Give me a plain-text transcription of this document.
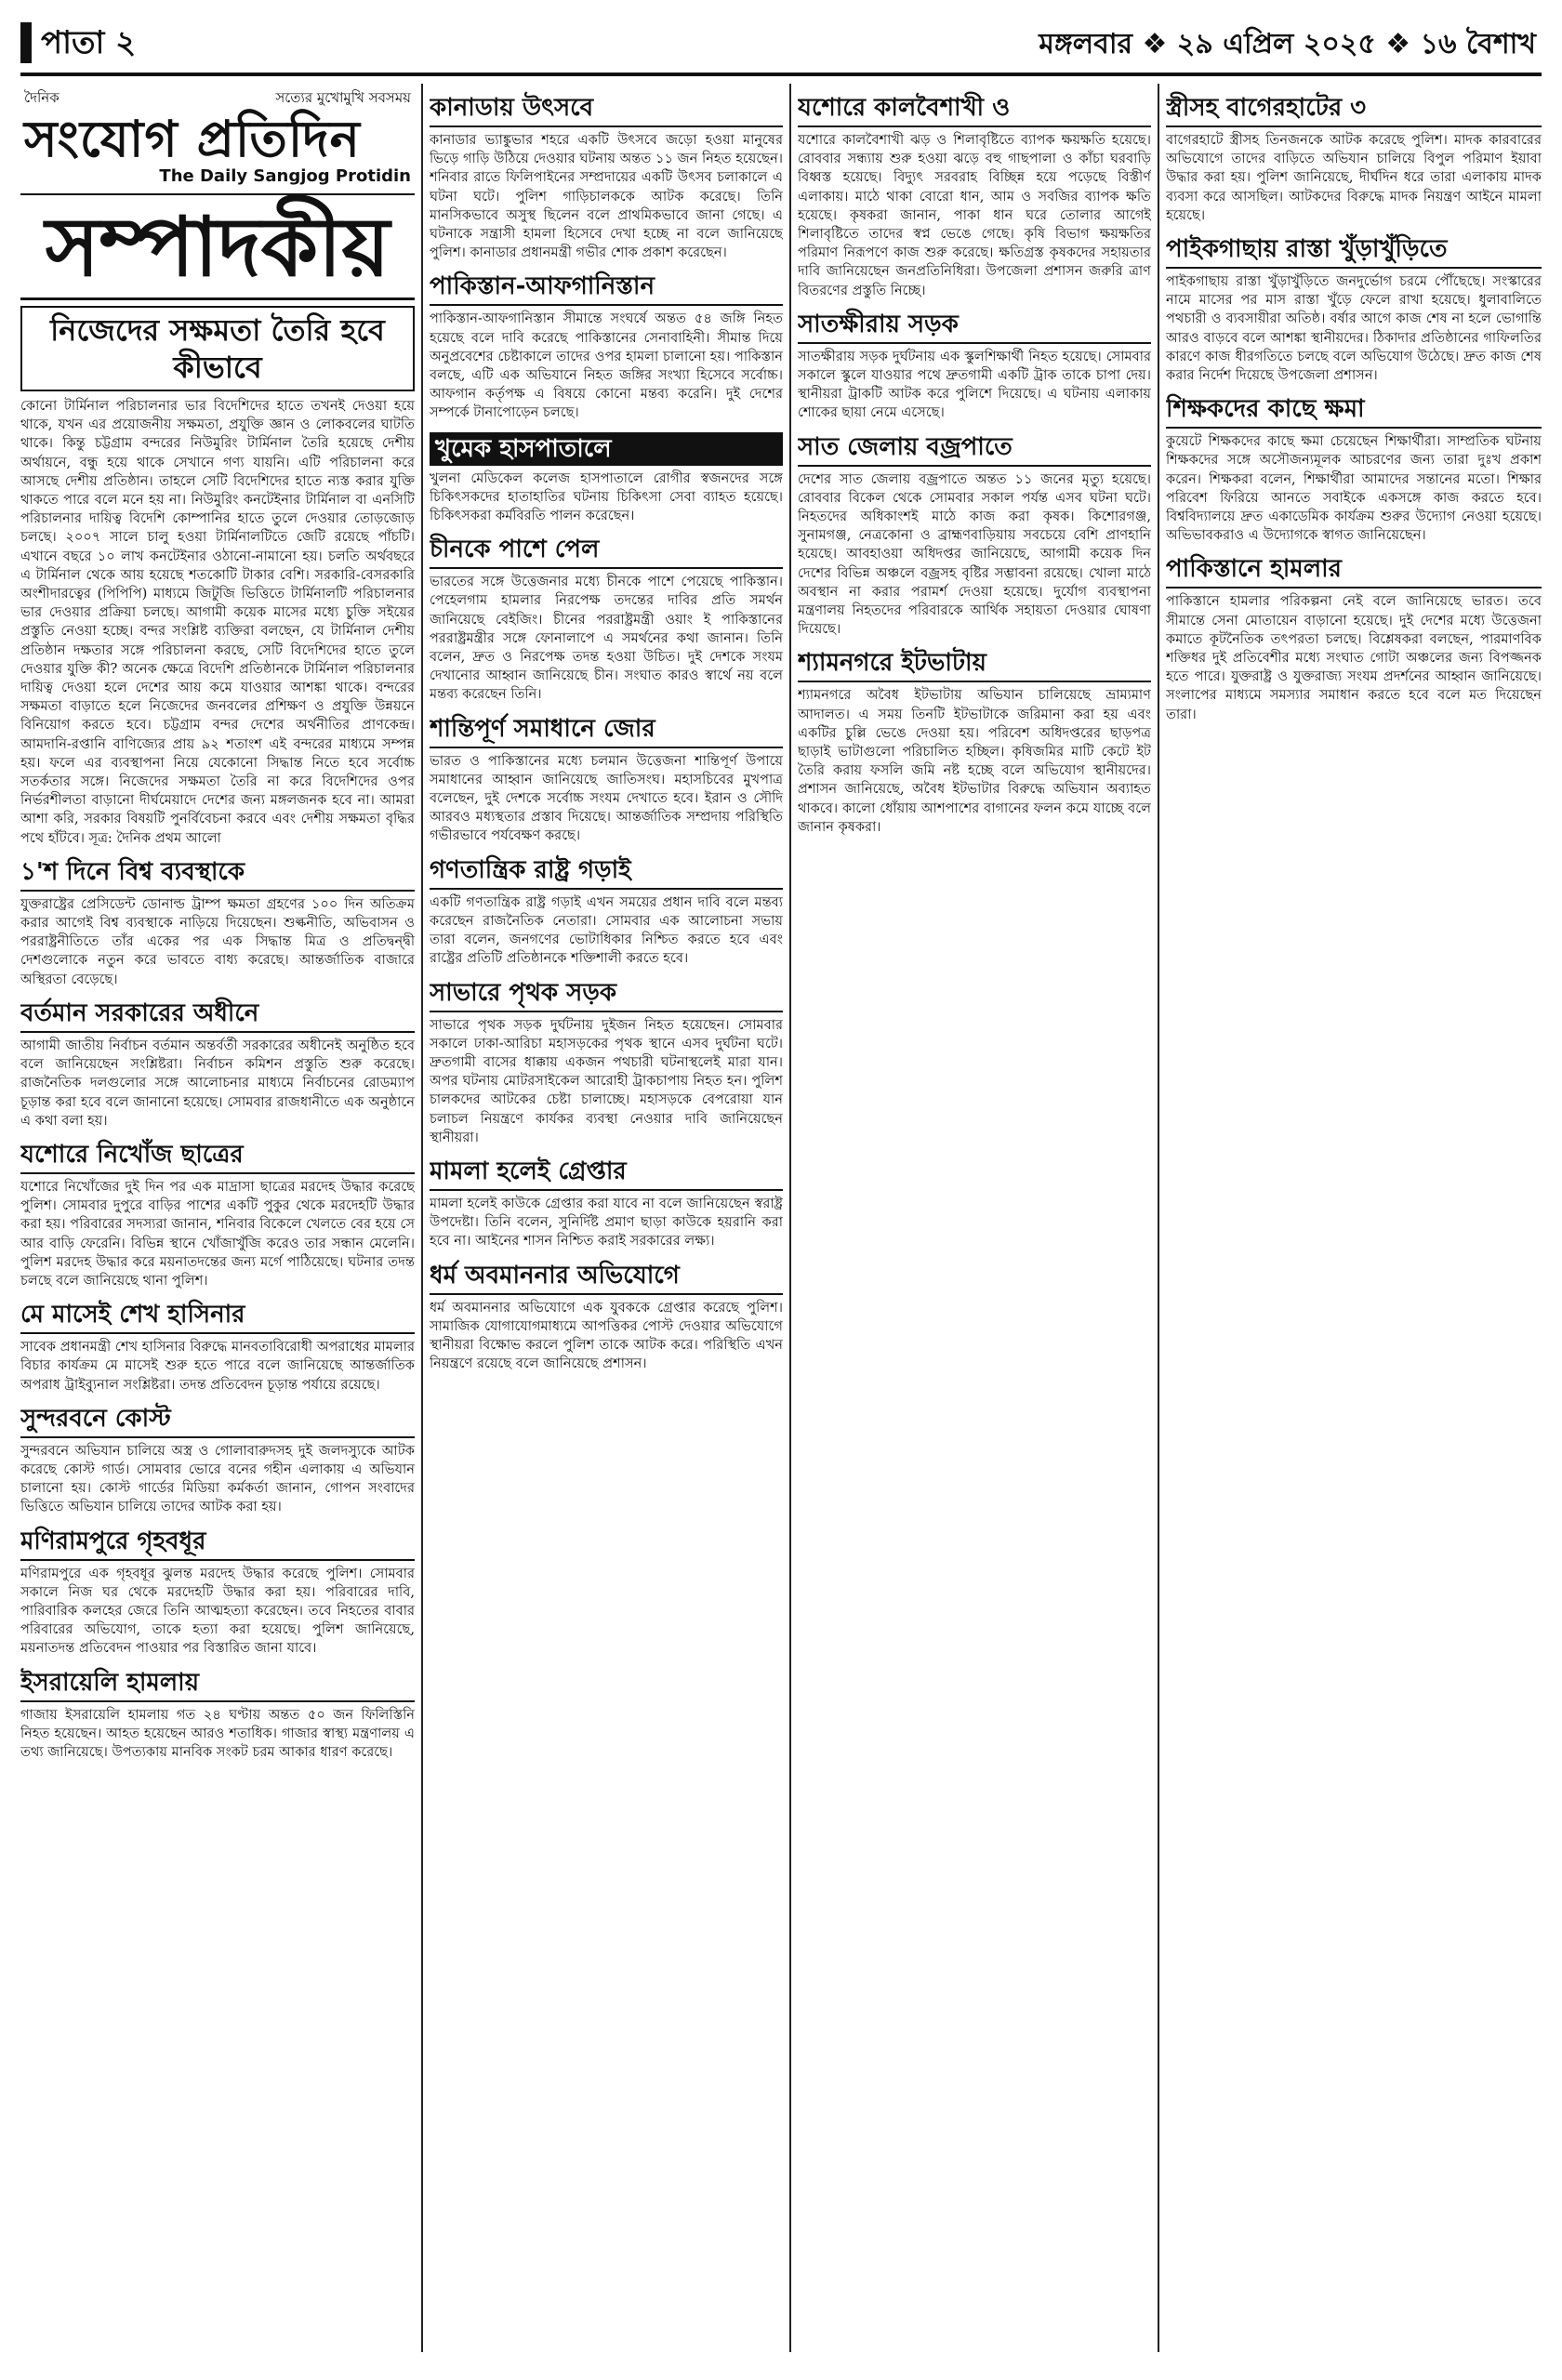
পাতা ২	মঙ্গলবার ❖ ২৯ এপ্রিল ২০২৫ ❖ ১৬ বৈশাখ
দৈনিক	সত্যের মুখোমুখি সবসময়
সংযোগ প্রতিদিন
The Daily Sangjog Protidin
সম্পাদকীয়
নিজেদের সক্ষমতা তৈরি হবে কীভাবে

কোনো টার্মিনাল পরিচালনার ভার বিদেশিদের হাতে তখনই দেওয়া হয়ে থাকে, যখন এর প্রয়োজনীয় সক্ষমতা, প্রযুক্তি জ্ঞান ও লোকবলের ঘাটতি থাকে। কিন্তু চট্টগ্রাম বন্দরের নিউমুরিং টার্মিনাল তৈরি হয়েছে দেশীয় অর্থায়নে, বন্ধু হয়ে থাকে সেখানে গণ্য যায়নি। এটি পরিচালনা করে আসছে দেশীয় প্রতিষ্ঠান। তাহলে সেটি বিদেশিদের হাতে ন্যস্ত করার যুক্তি থাকতে পারে বলে মনে হয় না। নিউমুরিং কনটেইনার টার্মিনাল বা এনসিটি পরিচালনার দায়িত্ব বিদেশি কোম্পানির হাতে তুলে দেওয়ার তোড়জোড় চলছে। ২০০৭ সালে চালু হওয়া টার্মিনালটিতে জেটি রয়েছে পাঁচটি। এখানে বছরে ১০ লাখ কনটেইনার ওঠানো-নামানো হয়। চলতি অর্থবছরে এ টার্মিনাল থেকে আয় হয়েছে শতকোটি টাকার বেশি। সরকারি-বেসরকারি অংশীদারত্বের (পিপিপি) মাধ্যমে জিটুজি ভিত্তিতে টার্মিনালটি পরিচালনার ভার দেওয়ার প্রক্রিয়া চলছে। আগামী কয়েক মাসের মধ্যে চুক্তি সইয়ের প্রস্তুতি নেওয়া হচ্ছে। বন্দর সংশ্লিষ্ট ব্যক্তিরা বলছেন, যে টার্মিনাল দেশীয় প্রতিষ্ঠান দক্ষতার সঙ্গে পরিচালনা করছে, সেটি বিদেশিদের হাতে তুলে দেওয়ার যুক্তি কী? অনেক ক্ষেত্রে বিদেশি প্রতিষ্ঠানকে টার্মিনাল পরিচালনার দায়িত্ব দেওয়া হলে দেশের আয় কমে যাওয়ার আশঙ্কা থাকে। বন্দরের সক্ষমতা বাড়াতে হলে নিজেদের জনবলের প্রশিক্ষণ ও প্রযুক্তি উন্নয়নে বিনিয়োগ করতে হবে। চট্টগ্রাম বন্দর দেশের অর্থনীতির প্রাণকেন্দ্র। আমদানি-রপ্তানি বাণিজ্যের প্রায় ৯২ শতাংশ এই বন্দরের মাধ্যমে সম্পন্ন হয়। ফলে এর ব্যবস্থাপনা নিয়ে যেকোনো সিদ্ধান্ত নিতে হবে সর্বোচ্চ সতর্কতার সঙ্গে। নিজেদের সক্ষমতা তৈরি না করে বিদেশিদের ওপর নির্ভরশীলতা বাড়ানো দীর্ঘমেয়াদে দেশের জন্য মঙ্গলজনক হবে না। আমরা আশা করি, সরকার বিষয়টি পুনর্বিবেচনা করবে এবং দেশীয় সক্ষমতা বৃদ্ধির পথে হাঁটবে। সূত্র: দৈনিক প্রথম আলো

১'শ দিনে বিশ্ব ব্যবস্থাকে

যুক্তরাষ্ট্রের প্রেসিডেন্ট ডোনাল্ড ট্রাম্প ক্ষমতা গ্রহণের ১০০ দিন অতিক্রম করার আগেই বিশ্ব ব্যবস্থাকে নাড়িয়ে দিয়েছেন। শুল্কনীতি, অভিবাসন ও পররাষ্ট্রনীতিতে তাঁর একের পর এক সিদ্ধান্ত মিত্র ও প্রতিদ্বন্দ্বী দেশগুলোকে নতুন করে ভাবতে বাধ্য করেছে। আন্তর্জাতিক বাজারে অস্থিরতা বেড়েছে।

বর্তমান সরকারের অধীনে

আগামী জাতীয় নির্বাচন বর্তমান অন্তর্বর্তী সরকারের অধীনেই অনুষ্ঠিত হবে বলে জানিয়েছেন সংশ্লিষ্টরা। নির্বাচন কমিশন প্রস্তুতি শুরু করেছে। রাজনৈতিক দলগুলোর সঙ্গে আলোচনার মাধ্যমে নির্বাচনের রোডম্যাপ চূড়ান্ত করা হবে বলে জানানো হয়েছে। সোমবার রাজধানীতে এক অনুষ্ঠানে এ কথা বলা হয়।

যশোরে নিখোঁজ ছাত্রের

যশোরে নিখোঁজের দুই দিন পর এক মাদ্রাসা ছাত্রের মরদেহ উদ্ধার করেছে পুলিশ। সোমবার দুপুরে বাড়ির পাশের একটি পুকুর থেকে মরদেহটি উদ্ধার করা হয়। পরিবারের সদস্যরা জানান, শনিবার বিকেলে খেলতে বের হয়ে সে আর বাড়ি ফেরেনি। বিভিন্ন স্থানে খোঁজাখুঁজি করেও তার সন্ধান মেলেনি। পুলিশ মরদেহ উদ্ধার করে ময়নাতদন্তের জন্য মর্গে পাঠিয়েছে। ঘটনার তদন্ত চলছে বলে জানিয়েছে থানা পুলিশ।

মে মাসেই শেখ হাসিনার

সাবেক প্রধানমন্ত্রী শেখ হাসিনার বিরুদ্ধে মানবতাবিরোধী অপরাধের মামলার বিচার কার্যক্রম মে মাসেই শুরু হতে পারে বলে জানিয়েছে আন্তর্জাতিক অপরাধ ট্রাইব্যুনাল সংশ্লিষ্টরা। তদন্ত প্রতিবেদন চূড়ান্ত পর্যায়ে রয়েছে।

সুন্দরবনে কোস্ট

সুন্দরবনে অভিযান চালিয়ে অস্ত্র ও গোলাবারুদসহ দুই জলদস্যুকে আটক করেছে কোস্ট গার্ড। সোমবার ভোরে বনের গহীন এলাকায় এ অভিযান চালানো হয়। কোস্ট গার্ডের মিডিয়া কর্মকর্তা জানান, গোপন সংবাদের ভিত্তিতে অভিযান চালিয়ে তাদের আটক করা হয়।

মণিরামপুরে গৃহবধূর

মণিরামপুরে এক গৃহবধূর ঝুলন্ত মরদেহ উদ্ধার করেছে পুলিশ। সোমবার সকালে নিজ ঘর থেকে মরদেহটি উদ্ধার করা হয়। পরিবারের দাবি, পারিবারিক কলহের জেরে তিনি আত্মহত্যা করেছেন। তবে নিহতের বাবার পরিবারের অভিযোগ, তাকে হত্যা করা হয়েছে। পুলিশ জানিয়েছে, ময়নাতদন্ত প্রতিবেদন পাওয়ার পর বিস্তারিত জানা যাবে।

ইসরায়েলি হামলায়

গাজায় ইসরায়েলি হামলায় গত ২৪ ঘণ্টায় অন্তত ৫০ জন ফিলিস্তিনি নিহত হয়েছেন। আহত হয়েছেন আরও শতাধিক। গাজার স্বাস্থ্য মন্ত্রণালয় এ তথ্য জানিয়েছে। উপত্যকায় মানবিক সংকট চরম আকার ধারণ করেছে।

কানাডায় উৎসবে

কানাডার ভ্যাঙ্কুভার শহরে একটি উৎসবে জড়ো হওয়া মানুষের ভিড়ে গাড়ি উঠিয়ে দেওয়ার ঘটনায় অন্তত ১১ জন নিহত হয়েছেন। শনিবার রাতে ফিলিপাইনের সম্প্রদায়ের একটি উৎসব চলাকালে এ ঘটনা ঘটে। পুলিশ গাড়িচালককে আটক করেছে। তিনি মানসিকভাবে অসুস্থ ছিলেন বলে প্রাথমিকভাবে জানা গেছে। এ ঘটনাকে সন্ত্রাসী হামলা হিসেবে দেখা হচ্ছে না বলে জানিয়েছে পুলিশ। কানাডার প্রধানমন্ত্রী গভীর শোক প্রকাশ করেছেন।

পাকিস্তান-আফগানিস্তান

পাকিস্তান-আফগানিস্তান সীমান্তে সংঘর্ষে অন্তত ৫৪ জঙ্গি নিহত হয়েছে বলে দাবি করেছে পাকিস্তানের সেনাবাহিনী। সীমান্ত দিয়ে অনুপ্রবেশের চেষ্টাকালে তাদের ওপর হামলা চালানো হয়। পাকিস্তান বলছে, এটি এক অভিযানে নিহত জঙ্গির সংখ্যা হিসেবে সর্বোচ্চ। আফগান কর্তৃপক্ষ এ বিষয়ে কোনো মন্তব্য করেনি। দুই দেশের সম্পর্কে টানাপোড়েন চলছে।

খুমেক হাসপাতালে

খুলনা মেডিকেল কলেজ হাসপাতালে রোগীর স্বজনদের সঙ্গে চিকিৎসকদের হাতাহাতির ঘটনায় চিকিৎসা সেবা ব্যাহত হয়েছে। চিকিৎসকরা কর্মবিরতি পালন করেছেন।

চীনকে পাশে পেল

ভারতের সঙ্গে উত্তেজনার মধ্যে চীনকে পাশে পেয়েছে পাকিস্তান। পেহেলগাম হামলার নিরপেক্ষ তদন্তের দাবির প্রতি সমর্থন জানিয়েছে বেইজিং। চীনের পররাষ্ট্রমন্ত্রী ওয়াং ই পাকিস্তানের পররাষ্ট্রমন্ত্রীর সঙ্গে ফোনালাপে এ সমর্থনের কথা জানান। তিনি বলেন, দ্রুত ও নিরপেক্ষ তদন্ত হওয়া উচিত। দুই দেশকে সংযম দেখানোর আহ্বান জানিয়েছে চীন। সংঘাত কারও স্বার্থে নয় বলে মন্তব্য করেছেন তিনি।

শান্তিপূর্ণ সমাধানে জোর

ভারত ও পাকিস্তানের মধ্যে চলমান উত্তেজনা শান্তিপূর্ণ উপায়ে সমাধানের আহ্বান জানিয়েছে জাতিসংঘ। মহাসচিবের মুখপাত্র বলেছেন, দুই দেশকে সর্বোচ্চ সংযম দেখাতে হবে। ইরান ও সৌদি আরবও মধ্যস্থতার প্রস্তাব দিয়েছে। আন্তর্জাতিক সম্প্রদায় পরিস্থিতি গভীরভাবে পর্যবেক্ষণ করছে।

গণতান্ত্রিক রাষ্ট্র গড়াই

একটি গণতান্ত্রিক রাষ্ট্র গড়াই এখন সময়ের প্রধান দাবি বলে মন্তব্য করেছেন রাজনৈতিক নেতারা। সোমবার এক আলোচনা সভায় তারা বলেন, জনগণের ভোটাধিকার নিশ্চিত করতে হবে এবং রাষ্ট্রের প্রতিটি প্রতিষ্ঠানকে শক্তিশালী করতে হবে।

সাভারে পৃথক সড়ক

সাভারে পৃথক সড়ক দুর্ঘটনায় দুইজন নিহত হয়েছেন। সোমবার সকালে ঢাকা-আরিচা মহাসড়কের পৃথক স্থানে এসব দুর্ঘটনা ঘটে। দ্রুতগামী বাসের ধাক্কায় একজন পথচারী ঘটনাস্থলেই মারা যান। অপর ঘটনায় মোটরসাইকেল আরোহী ট্রাকচাপায় নিহত হন। পুলিশ চালকদের আটকের চেষ্টা চালাচ্ছে। মহাসড়কে বেপরোয়া যান চলাচল নিয়ন্ত্রণে কার্যকর ব্যবস্থা নেওয়ার দাবি জানিয়েছেন স্থানীয়রা।

মামলা হলেই গ্রেপ্তার

মামলা হলেই কাউকে গ্রেপ্তার করা যাবে না বলে জানিয়েছেন স্বরাষ্ট্র উপদেষ্টা। তিনি বলেন, সুনির্দিষ্ট প্রমাণ ছাড়া কাউকে হয়রানি করা হবে না। আইনের শাসন নিশ্চিত করাই সরকারের লক্ষ্য।

ধর্ম অবমাননার অভিযোগে

ধর্ম অবমাননার অভিযোগে এক যুবককে গ্রেপ্তার করেছে পুলিশ। সামাজিক যোগাযোগমাধ্যমে আপত্তিকর পোস্ট দেওয়ার অভিযোগে স্থানীয়রা বিক্ষোভ করলে পুলিশ তাকে আটক করে। পরিস্থিতি এখন নিয়ন্ত্রণে রয়েছে বলে জানিয়েছে প্রশাসন।

যশোরে কালবৈশাখী ও

যশোরে কালবৈশাখী ঝড় ও শিলাবৃষ্টিতে ব্যাপক ক্ষয়ক্ষতি হয়েছে। রোববার সন্ধ্যায় শুরু হওয়া ঝড়ে বহু গাছপালা ও কাঁচা ঘরবাড়ি বিধ্বস্ত হয়েছে। বিদ্যুৎ সরবরাহ বিচ্ছিন্ন হয়ে পড়েছে বিস্তীর্ণ এলাকায়। মাঠে থাকা বোরো ধান, আম ও সবজির ব্যাপক ক্ষতি হয়েছে। কৃষকরা জানান, পাকা ধান ঘরে তোলার আগেই শিলাবৃষ্টিতে তাদের স্বপ্ন ভেঙে গেছে। কৃষি বিভাগ ক্ষয়ক্ষতির পরিমাণ নিরূপণে কাজ শুরু করেছে। ক্ষতিগ্রস্ত কৃষকদের সহায়তার দাবি জানিয়েছেন জনপ্রতিনিধিরা। উপজেলা প্রশাসন জরুরি ত্রাণ বিতরণের প্রস্তুতি নিচ্ছে।

সাতক্ষীরায় সড়ক

সাতক্ষীরায় সড়ক দুর্ঘটনায় এক স্কুলশিক্ষার্থী নিহত হয়েছে। সোমবার সকালে স্কুলে যাওয়ার পথে দ্রুতগামী একটি ট্রাক তাকে চাপা দেয়। স্থানীয়রা ট্রাকটি আটক করে পুলিশে দিয়েছে। এ ঘটনায় এলাকায় শোকের ছায়া নেমে এসেছে।

সাত জেলায় বজ্রপাতে

দেশের সাত জেলায় বজ্রপাতে অন্তত ১১ জনের মৃত্যু হয়েছে। রোববার বিকেল থেকে সোমবার সকাল পর্যন্ত এসব ঘটনা ঘটে। নিহতদের অধিকাংশই মাঠে কাজ করা কৃষক। কিশোরগঞ্জ, সুনামগঞ্জ, নেত্রকোনা ও ব্রাহ্মণবাড়িয়ায় সবচেয়ে বেশি প্রাণহানি হয়েছে। আবহাওয়া অধিদপ্তর জানিয়েছে, আগামী কয়েক দিন দেশের বিভিন্ন অঞ্চলে বজ্রসহ বৃষ্টির সম্ভাবনা রয়েছে। খোলা মাঠে অবস্থান না করার পরামর্শ দেওয়া হয়েছে। দুর্যোগ ব্যবস্থাপনা মন্ত্রণালয় নিহতদের পরিবারকে আর্থিক সহায়তা দেওয়ার ঘোষণা দিয়েছে।

শ্যামনগরে ইটভাটায়

শ্যামনগরে অবৈধ ইটভাটায় অভিযান চালিয়েছে ভ্রাম্যমাণ আদালত। এ সময় তিনটি ইটভাটাকে জরিমানা করা হয় এবং একটির চুল্লি ভেঙে দেওয়া হয়। পরিবেশ অধিদপ্তরের ছাড়পত্র ছাড়াই ভাটাগুলো পরিচালিত হচ্ছিল। কৃষিজমির মাটি কেটে ইট তৈরি করায় ফসলি জমি নষ্ট হচ্ছে বলে অভিযোগ স্থানীয়দের। প্রশাসন জানিয়েছে, অবৈধ ইটভাটার বিরুদ্ধে অভিযান অব্যাহত থাকবে। কালো ধোঁয়ায় আশপাশের বাগানের ফলন কমে যাচ্ছে বলে জানান কৃষকরা।

স্ত্রীসহ বাগেরহাটের ৩

বাগেরহাটে স্ত্রীসহ তিনজনকে আটক করেছে পুলিশ। মাদক কারবারের অভিযোগে তাদের বাড়িতে অভিযান চালিয়ে বিপুল পরিমাণ ইয়াবা উদ্ধার করা হয়। পুলিশ জানিয়েছে, দীর্ঘদিন ধরে তারা এলাকায় মাদক ব্যবসা করে আসছিল। আটকদের বিরুদ্ধে মাদক নিয়ন্ত্রণ আইনে মামলা হয়েছে।

পাইকগাছায় রাস্তা খুঁড়াখুঁড়িতে

পাইকগাছায় রাস্তা খুঁড়াখুঁড়িতে জনদুর্ভোগ চরমে পৌঁছেছে। সংস্কারের নামে মাসের পর মাস রাস্তা খুঁড়ে ফেলে রাখা হয়েছে। ধুলাবালিতে পথচারী ও ব্যবসায়ীরা অতিষ্ঠ। বর্ষার আগে কাজ শেষ না হলে ভোগান্তি আরও বাড়বে বলে আশঙ্কা স্থানীয়দের। ঠিকাদার প্রতিষ্ঠানের গাফিলতির কারণে কাজ ধীরগতিতে চলছে বলে অভিযোগ উঠেছে। দ্রুত কাজ শেষ করার নির্দেশ দিয়েছে উপজেলা প্রশাসন।

শিক্ষকদের কাছে ক্ষমা

কুয়েটে শিক্ষকদের কাছে ক্ষমা চেয়েছেন শিক্ষার্থীরা। সাম্প্রতিক ঘটনায় শিক্ষকদের সঙ্গে অসৌজন্যমূলক আচরণের জন্য তারা দুঃখ প্রকাশ করেন। শিক্ষকরা বলেন, শিক্ষার্থীরা আমাদের সন্তানের মতো। শিক্ষার পরিবেশ ফিরিয়ে আনতে সবাইকে একসঙ্গে কাজ করতে হবে। বিশ্ববিদ্যালয়ে দ্রুত একাডেমিক কার্যক্রম শুরুর উদ্যোগ নেওয়া হয়েছে। অভিভাবকরাও এ উদ্যোগকে স্বাগত জানিয়েছেন।

পাকিস্তানে হামলার

পাকিস্তানে হামলার পরিকল্পনা নেই বলে জানিয়েছে ভারত। তবে সীমান্তে সেনা মোতায়েন বাড়ানো হয়েছে। দুই দেশের মধ্যে উত্তেজনা কমাতে কূটনৈতিক তৎপরতা চলছে। বিশ্লেষকরা বলছেন, পারমাণবিক শক্তিধর দুই প্রতিবেশীর মধ্যে সংঘাত গোটা অঞ্চলের জন্য বিপজ্জনক হতে পারে। যুক্তরাষ্ট্র ও যুক্তরাজ্য সংযম প্রদর্শনের আহ্বান জানিয়েছে। সংলাপের মাধ্যমে সমস্যার সমাধান করতে হবে বলে মত দিয়েছেন তারা।
